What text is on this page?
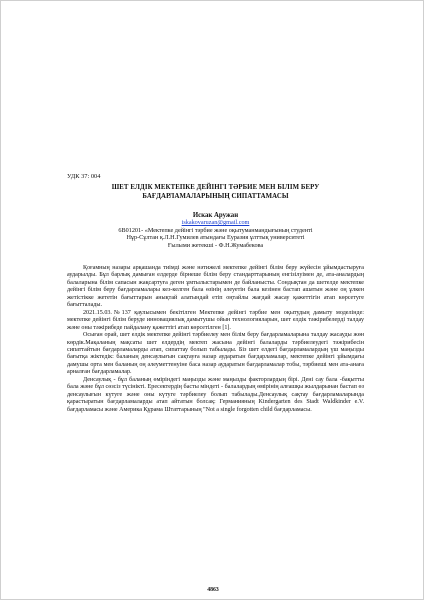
УДК 37: 004
ШЕТ ЕЛДІК МЕКТЕПКЕ ДЕЙІНГІ ТӘРБИЕ МЕН БІЛІМ БЕРУ
БАҒДАРЛАМАЛАРЫНЫҢ СИПАТТАМАСЫ
Искак Аружан
iskakovaruzan@gmail.com
6В01201- «Мектепке дейінгі тәрбие және оқытуманмандығының студенті
Нұр-Сұлтан қ.Л.Н.Гумилев атындағы Еуразия ұлттық университеті
Ғылыми жетекші - Ф.Н.Жумабекова

Қоғамның назары арқашанда тиімді және нәтижелі мектепке дейінгі білім беру жүйесін ұйымдастыруға аударылды. Бұл барлық дамыған елдерде бірнеше білім беру стандарттарының енгізілуімен де, ата-аналардың балаларына білім сапасын жақсартуға деген ұмтылыстарымен де байланысты. Сондықтан да шетелде мектепке дейінгі білім беру бағдарламалары кез-келген бала өзінің әлеуетін бала кезінен бастап ашатын және оң ұлкен жетістікке жететін бағыттарын анықтай алатындай етіп оңтайлы жағдай жасау қажеттігін атап көрсетуге бағытталады.

2021.15.03.№137 қаулысымен бекітілген Мектепке дейінгі тәрбие мен оқытудың дамыту моделінде: мектепке дейінгі білім беруде инновациялық дамытушы ойын технологияларын, шет елдік тәжірибелерді талдау және оны тәжірибеде пайдалану қажеттігі атап көрсетілген [1].

Осыған орай, шет елдік мектепке дейінгі тәрбиелеу мен білім беру бағдарламаларына талдау жасауды жөн көрдік.Мақаланың мақсаты шет елдердің мектеп жасына дейінгі балаларды тәрбиелеудегі тәжірибесін сипаттайтын бағдарламаларды атап, сипаттау болып табылады. Біз шет елдегі бағдарламалардың үш маңызды бағытқа жіктедік: баланың денсаулығын сақтауға назар аударатын бағдарламалар, мектепке дейінгі ұйымдағы дамушы орта мен баланың оң әлеуметтенуіне баса назар аударатын бағдарламалар тобы, тәрбиеші мен ата-анаға арналған бағдарламалар.

Денсаулық - бұл баланың өміріндегі маңызды және маңызды факторлардың бірі. Дені сау бала -бақытты бала және бұл сөзсіз түсінікті. Ересектердің басты міндеті - балалардың өмірінің алғашқы жылдарынан бастап өз денсаулығын күтуге және оны күтуге тәрбиелеу болып табылады.Денсаулық сақтау бағдарламаларында қарастыратын бағдарламаларды атап айтатын болсақ: Германияның Kindergarten des Stadt Waldkinder e.V. бағдарламасы және Америка Құрама Штаттарының "Not a single forgotten child бағдарламасы.

4863
